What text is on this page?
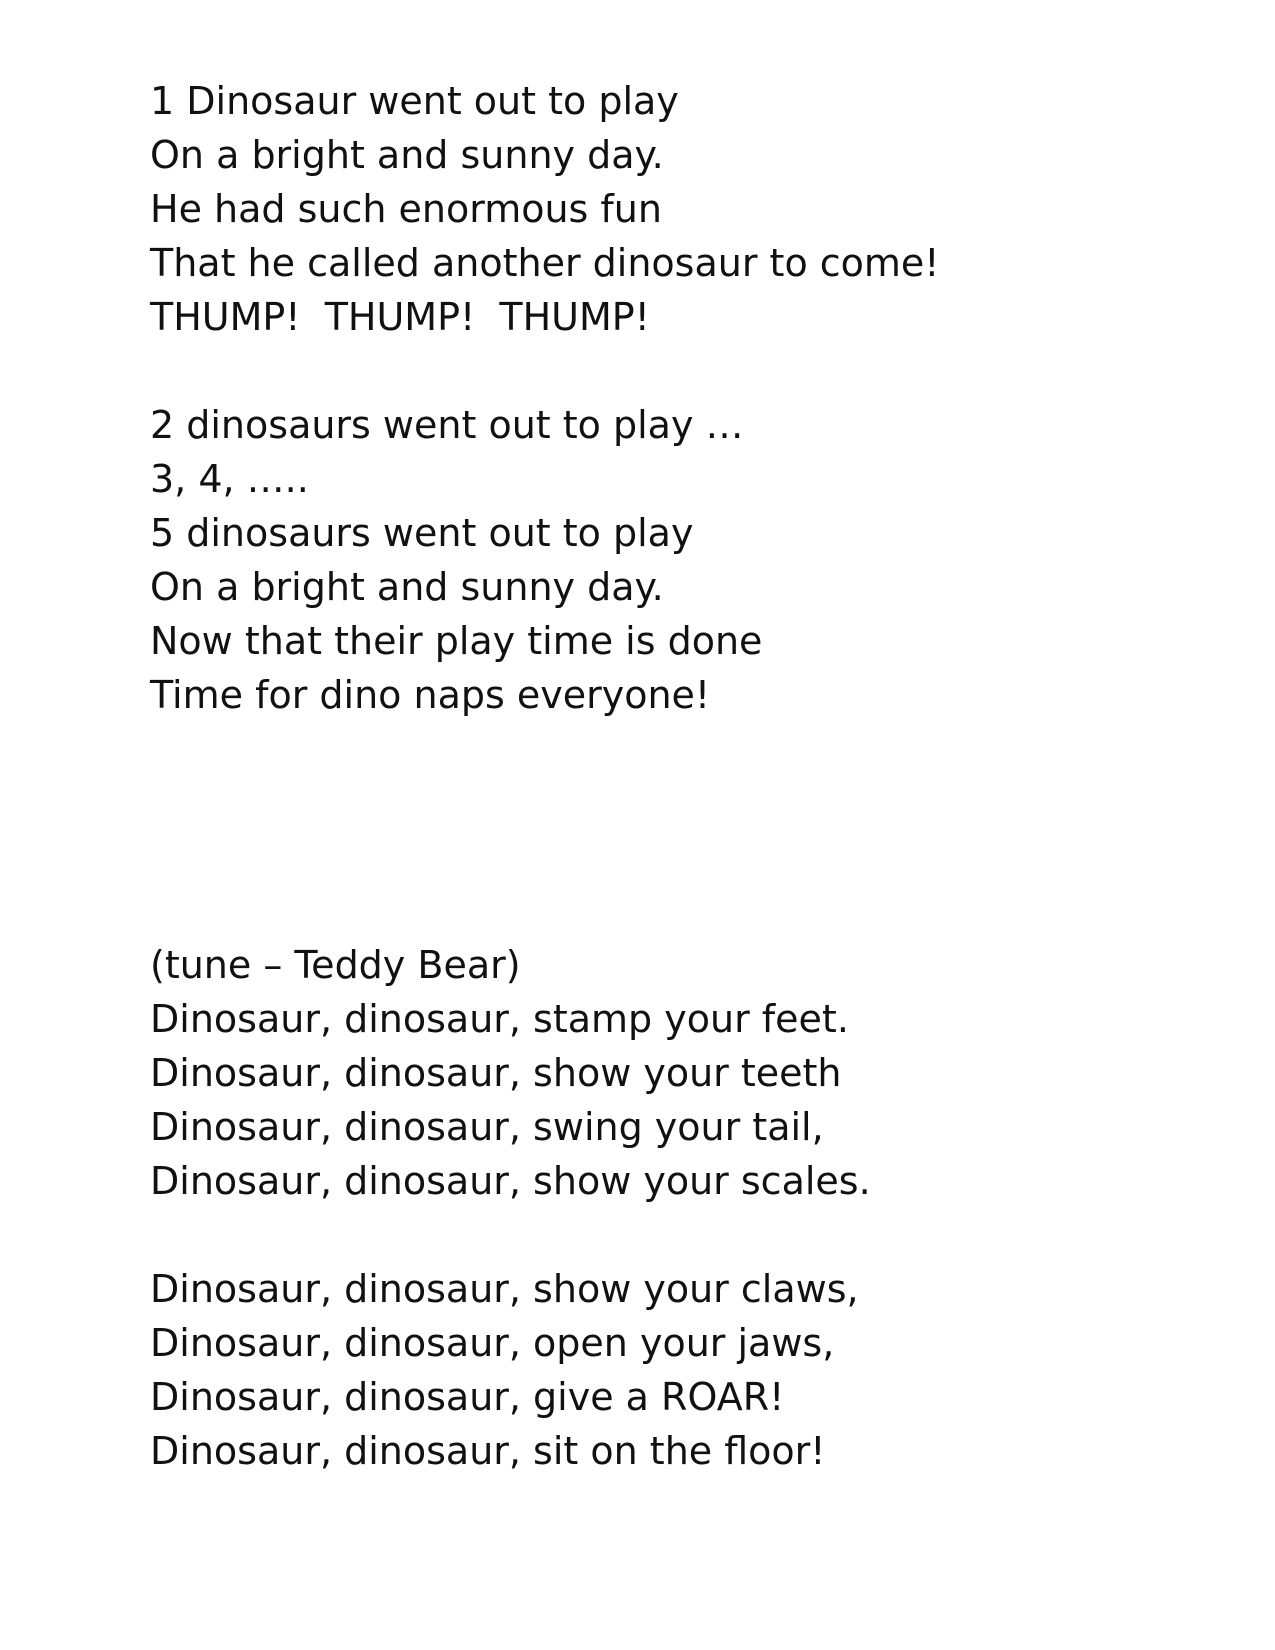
1 Dinosaur went out to play
On a bright and sunny day.
He had such enormous fun
That he called another dinosaur to come!
THUMP!  THUMP!  THUMP!
2 dinosaurs went out to play …
3, 4, …..
5 dinosaurs went out to play
On a bright and sunny day.
Now that their play time is done
Time for dino naps everyone!
(tune – Teddy Bear)
Dinosaur, dinosaur, stamp your feet.
Dinosaur, dinosaur, show your teeth
Dinosaur, dinosaur, swing your tail,
Dinosaur, dinosaur, show your scales.
Dinosaur, dinosaur, show your claws,
Dinosaur, dinosaur, open your jaws,
Dinosaur, dinosaur, give a ROAR!
Dinosaur, dinosaur, sit on the floor!
